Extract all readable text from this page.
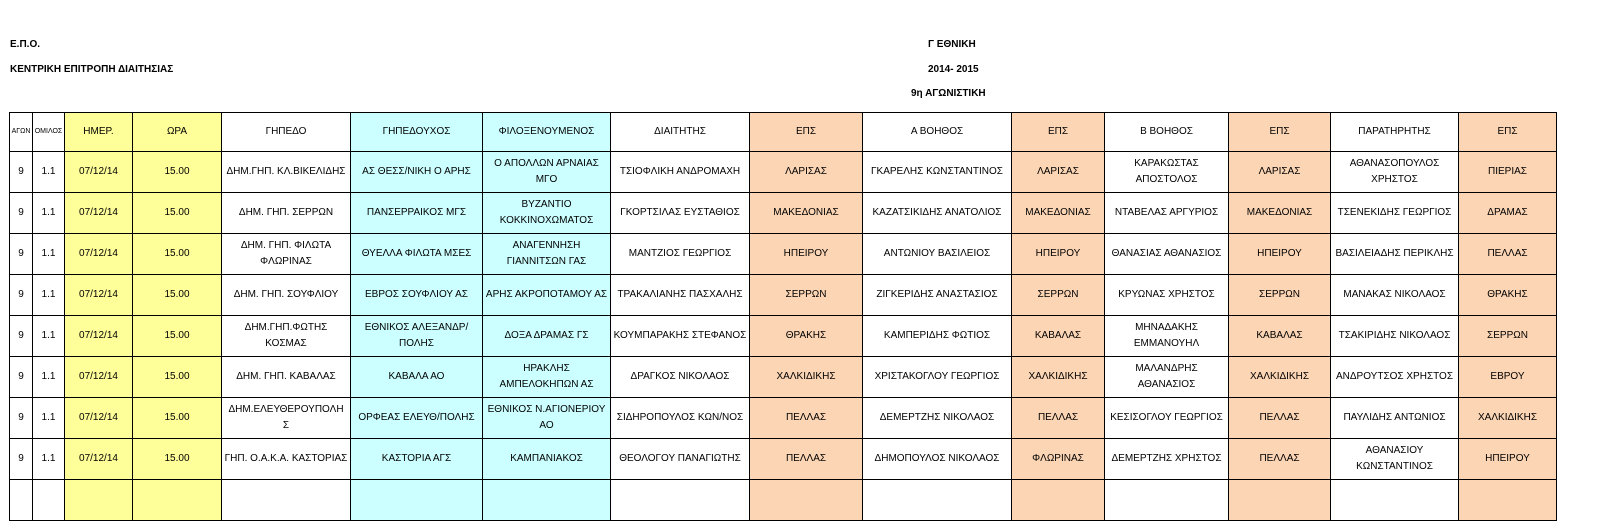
Ε.Π.Ο.
ΚΕΝΤΡΙΚΗ ΕΠΙΤΡΟΠΗ ΔΙΑΙΤΗΣΙΑΣ
Γ ΕΘΝΙΚΗ
2014- 2015
9η ΑΓΩΝΙΣΤΙΚΗ
ΑΓΩΝ	ΟΜΙΛΟΣ	ΗΜΕΡ.	ΩΡΑ	ΓΗΠΕΔΟ	ΓΗΠΕΔΟΥΧΟΣ	ΦΙΛΟΞΕΝΟΥΜΕΝΟΣ	ΔΙΑΙΤΗΤΗΣ	ΕΠΣ	Α ΒΟΗΘΟΣ	ΕΠΣ	Β ΒΟΗΘΟΣ	ΕΠΣ	ΠΑΡΑΤΗΡΗΤΗΣ	ΕΠΣ
9	1.1	07/12/14	15.00	ΔΗΜ.ΓΗΠ. ΚΛ.ΒΙΚΕΛΙΔΗΣ	ΑΣ ΘΕΣΣ/ΝΙΚΗ Ο ΑΡΗΣ	Ο ΑΠΟΛΛΩΝ ΑΡΝΑΙΑΣ ΜΓΟ	ΤΣΙΟΦΛΙΚΗ ΑΝΔΡΟΜΑΧΗ	ΛΑΡΙΣΑΣ	ΓΚΑΡΕΛΗΣ ΚΩΝΣΤΑΝΤΙΝΟΣ	ΛΑΡΙΣΑΣ	ΚΑΡΑΚΩΣΤΑΣ ΑΠΟΣΤΟΛΟΣ	ΛΑΡΙΣΑΣ	ΑΘΑΝΑΣΟΠΟΥΛΟΣ ΧΡΗΣΤΟΣ	ΠΙΕΡΙΑΣ
9	1.1	07/12/14	15.00	ΔΗΜ. ΓΗΠ. ΣΕΡΡΩΝ	ΠΑΝΣΕΡΡΑΙΚΟΣ ΜΓΣ	ΒΥΖΑΝΤΙΟ ΚΟΚΚΙΝΟΧΩΜΑΤΟΣ	ΓΚΟΡΤΣΙΛΑΣ ΕΥΣΤΑΘΙΟΣ	ΜΑΚΕΔΟΝΙΑΣ	ΚΑΖΑΤΣΙΚΙΔΗΣ ΑΝΑΤΟΛΙΟΣ	ΜΑΚΕΔΟΝΙΑΣ	ΝΤΑΒΕΛΑΣ ΑΡΓΥΡΙΟΣ	ΜΑΚΕΔΟΝΙΑΣ	ΤΣΕΝΕΚΙΔΗΣ ΓΕΩΡΓΙΟΣ	ΔΡΑΜΑΣ
9	1.1	07/12/14	15.00	ΔΗΜ. ΓΗΠ. ΦΙΛΩΤΑ ΦΛΩΡΙΝΑΣ	ΘΥΕΛΛΑ ΦΙΛΩΤΑ ΜΣΕΣ	ΑΝΑΓΕΝΝΗΣΗ ΓΙΑΝΝΙΤΣΩΝ ΓΑΣ	ΜΑΝΤΖΙΟΣ ΓΕΩΡΓΙΟΣ	ΗΠΕΙΡΟΥ	ΑΝΤΩΝΙΟΥ ΒΑΣΙΛΕΙΟΣ	ΗΠΕΙΡΟΥ	ΘΑΝΑΣΙΑΣ ΑΘΑΝΑΣΙΟΣ	ΗΠΕΙΡΟΥ	ΒΑΣΙΛΕΙΑΔΗΣ ΠΕΡΙΚΛΗΣ	ΠΕΛΛΑΣ
9	1.1	07/12/14	15.00	ΔΗΜ. ΓΗΠ. ΣΟΥΦΛΙΟΥ	ΕΒΡΟΣ ΣΟΥΦΛΙΟΥ ΑΣ	ΑΡΗΣ ΑΚΡΟΠΟΤΑΜΟΥ ΑΣ	ΤΡΑΚΑΛΙΑΝΗΣ ΠΑΣΧΑΛΗΣ	ΣΕΡΡΩΝ	ΖΙΓΚΕΡΙΔΗΣ ΑΝΑΣΤΑΣΙΟΣ	ΣΕΡΡΩΝ	ΚΡΥΩΝΑΣ ΧΡΗΣΤΟΣ	ΣΕΡΡΩΝ	ΜΑΝΑΚΑΣ ΝΙΚΟΛΑΟΣ	ΘΡΑΚΗΣ
9	1.1	07/12/14	15.00	ΔΗΜ.ΓΗΠ.ΦΩΤΗΣ ΚΟΣΜΑΣ	ΕΘΝΙΚΟΣ ΑΛΕΞΑΝΔΡ/ΠΟΛΗΣ	ΔΟΞΑ ΔΡΑΜΑΣ ΓΣ	ΚΟΥΜΠΑΡΑΚΗΣ ΣΤΕΦΑΝΟΣ	ΘΡΑΚΗΣ	ΚΑΜΠΕΡΙΔΗΣ ΦΩΤΙΟΣ	ΚΑΒΑΛΑΣ	ΜΗΝΑΔΑΚΗΣ ΕΜΜΑΝΟΥΗΛ	ΚΑΒΑΛΑΣ	ΤΣΑΚΙΡΙΔΗΣ ΝΙΚΟΛΑΟΣ	ΣΕΡΡΩΝ
9	1.1	07/12/14	15.00	ΔΗΜ. ΓΗΠ. ΚΑΒΑΛΑΣ	ΚΑΒΑΛΑ ΑΟ	ΗΡΑΚΛΗΣ ΑΜΠΕΛΟΚΗΠΩΝ ΑΣ	ΔΡΑΓΚΟΣ ΝΙΚΟΛΑΟΣ	ΧΑΛΚΙΔΙΚΗΣ	ΧΡΙΣΤΑΚΟΓΛΟΥ ΓΕΩΡΓΙΟΣ	ΧΑΛΚΙΔΙΚΗΣ	ΜΑΛΑΝΔΡΗΣ ΑΘΑΝΑΣΙΟΣ	ΧΑΛΚΙΔΙΚΗΣ	ΑΝΔΡΟΥΤΣΟΣ ΧΡΗΣΤΟΣ	ΕΒΡΟΥ
9	1.1	07/12/14	15.00	ΔΗΜ.ΕΛΕΥΘΕΡΟΥΠΟΛΗ Σ	ΟΡΦΕΑΣ ΕΛΕΥΘ/ΠΟΛΗΣ	ΕΘΝΙΚΟΣ Ν.ΑΓΙΟΝΕΡΙΟΥ ΑΟ	ΣΙΔΗΡΟΠΟΥΛΟΣ ΚΩΝ/ΝΟΣ	ΠΕΛΛΑΣ	ΔΕΜΕΡΤΖΗΣ ΝΙΚΟΛΑΟΣ	ΠΕΛΛΑΣ	ΚΕΣΙΣΟΓΛΟΥ ΓΕΩΡΓΙΟΣ	ΠΕΛΛΑΣ	ΠΑΥΛΙΔΗΣ ΑΝΤΩΝΙΟΣ	ΧΑΛΚΙΔΙΚΗΣ
9	1.1	07/12/14	15.00	ΓΗΠ. Ο.Α.Κ.Α. ΚΑΣΤΟΡΙΑΣ	ΚΑΣΤΟΡΙΑ ΑΓΣ	ΚΑΜΠΑΝΙΑΚΟΣ	ΘΕΟΛΟΓΟΥ ΠΑΝΑΓΙΩΤΗΣ	ΠΕΛΛΑΣ	ΔΗΜΟΠΟΥΛΟΣ ΝΙΚΟΛΑΟΣ	ΦΛΩΡΙΝΑΣ	ΔΕΜΕΡΤΖΗΣ ΧΡΗΣΤΟΣ	ΠΕΛΛΑΣ	ΑΘΑΝΑΣΙΟΥ ΚΩΝΣΤΑΝΤΙΝΟΣ	ΗΠΕΙΡΟΥ
